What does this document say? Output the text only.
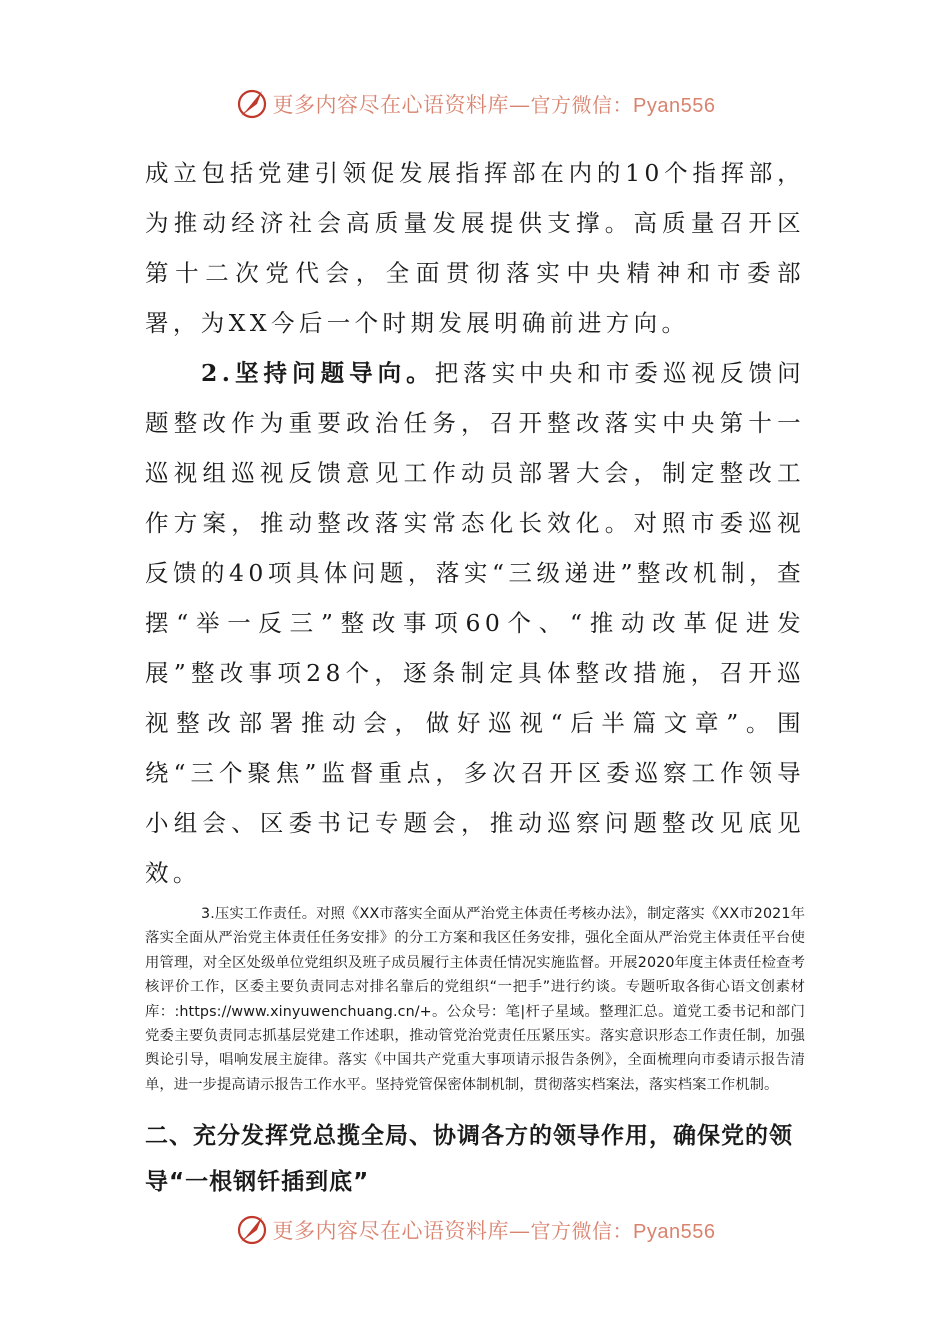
更多内容尽在心语资料库—官方微信：Pyan556

成立包括党建引领促发展指挥部在内的10个指挥部，为推动经济社会高质量发展提供支撑。高质量召开区第十二次党代会，全面贯彻落实中央精神和市委部署，为XX今后一个时期发展明确前进方向。

2.坚持问题导向。把落实中央和市委巡视反馈问题整改作为重要政治任务，召开整改落实中央第十一巡视组巡视反馈意见工作动员部署大会，制定整改工作方案，推动整改落实常态化长效化。对照市委巡视反馈的40项具体问题，落实“三级递进”整改机制，查摆“举一反三”整改事项60个、“推动改革促进发展”整改事项28个，逐条制定具体整改措施，召开巡视整改部署推动会，做好巡视“后半篇文章”。围绕“三个聚焦”监督重点，多次召开区委巡察工作领导小组会、区委书记专题会，推动巡察问题整改见底见效。

3.压实工作责任。对照《XX市落实全面从严治党主体责任考核办法》，制定落实《XX市2021年落实全面从严治党主体责任任务安排》的分工方案和我区任务安排，强化全面从严治党主体责任平台使用管理，对全区处级单位党组织及班子成员履行主体责任情况实施监督。开展2020年度主体责任检查考核评价工作，区委主要负责同志对排名靠后的党组织“一把手”进行约谈。专题听取各街心语文创素材库：:https://www.xinyuwenchuang.cn/+。公众号：笔|杆子星域。整理汇总。道党工委书记和部门党委主要负责同志抓基层党建工作述职，推动管党治党责任压紧压实。落实意识形态工作责任制，加强舆论引导，唱响发展主旋律。落实《中国共产党重大事项请示报告条例》，全面梳理向市委请示报告清单，进一步提高请示报告工作水平。坚持党管保密体制机制，贯彻落实档案法，落实档案工作机制。

二、充分发挥党总揽全局、协调各方的领导作用，确保党的领导“一根钢钎插到底”

更多内容尽在心语资料库—官方微信：Pyan556
